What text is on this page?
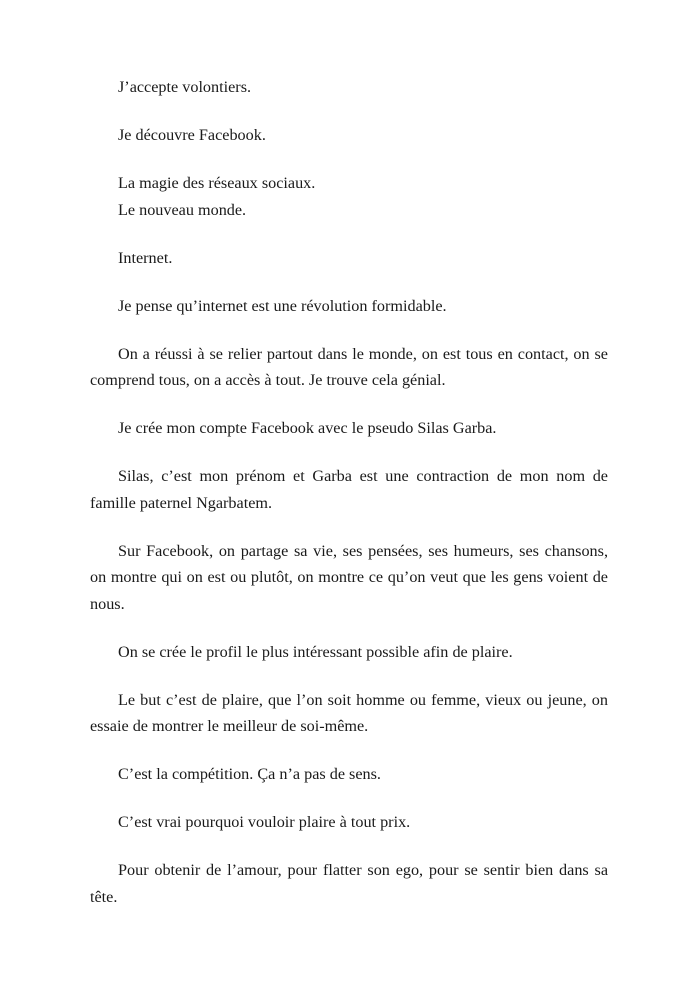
J’accepte volontiers.

Je découvre Facebook.

La magie des réseaux sociaux.

Le nouveau monde.

Internet.

Je pense qu’internet est une révolution formidable.

On a réussi à se relier partout dans le monde, on est tous en contact, on se comprend tous, on a accès à tout. Je trouve cela génial.

Je crée mon compte Facebook avec le pseudo Silas Garba.

Silas, c’est mon prénom et Garba est une contraction de mon nom de famille paternel Ngarbatem.

Sur Facebook, on partage sa vie, ses pensées, ses humeurs, ses chansons, on montre qui on est ou plutôt, on montre ce qu’on veut que les gens voient de nous.

On se crée le profil le plus intéressant possible afin de plaire.

Le but c’est de plaire, que l’on soit homme ou femme, vieux ou jeune, on essaie de montrer le meilleur de soi-même.

C’est la compétition. Ça n’a pas de sens.

C’est vrai pourquoi vouloir plaire à tout prix.

Pour obtenir de l’amour, pour flatter son ego, pour se sentir bien dans sa tête.
